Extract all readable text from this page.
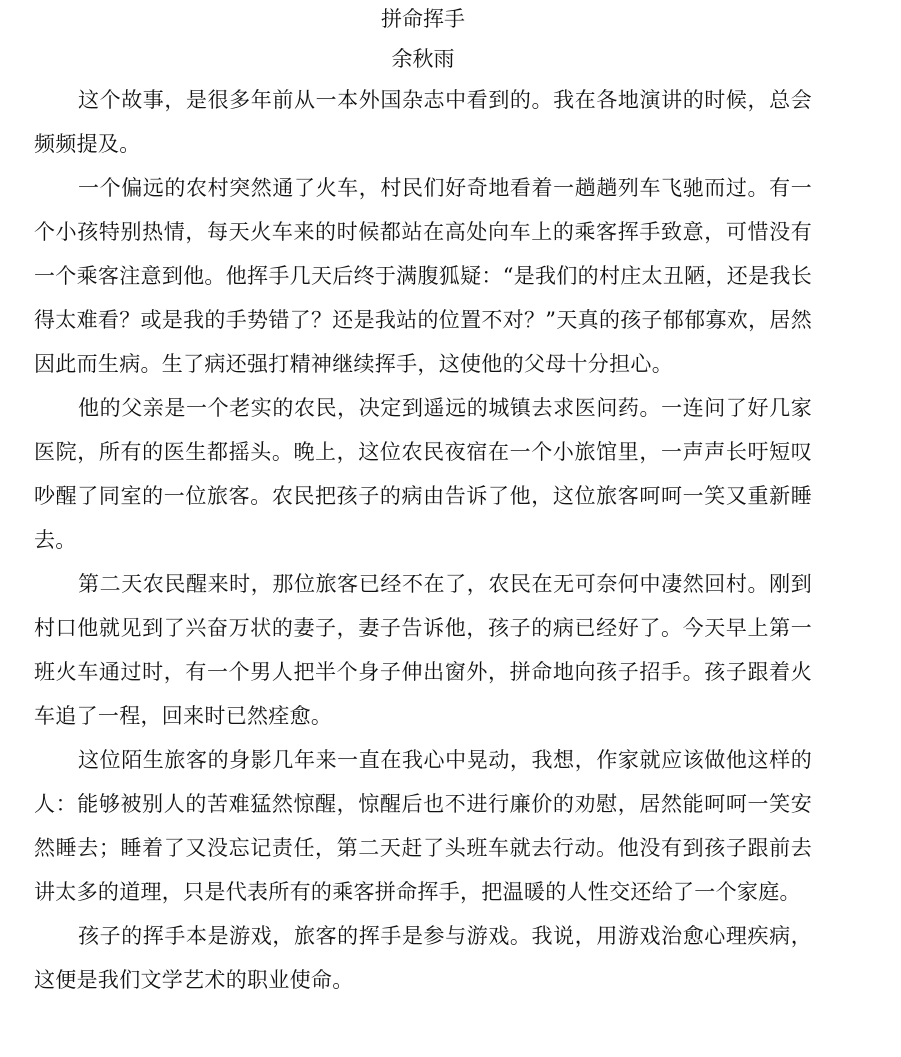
拼命挥手
余秋雨

这个故事，是很多年前从一本外国杂志中看到的。我在各地演讲的时候，总会频频提及。

一个偏远的农村突然通了火车，村民们好奇地看着一趟趟列车飞驰而过。有一个小孩特别热情，每天火车来的时候都站在高处向车上的乘客挥手致意，可惜没有一个乘客注意到他。他挥手几天后终于满腹狐疑：“是我们的村庄太丑陋，还是我长得太难看？或是我的手势错了？还是我站的位置不对？”天真的孩子郁郁寡欢，居然因此而生病。生了病还强打精神继续挥手，这使他的父母十分担心。

他的父亲是一个老实的农民，决定到遥远的城镇去求医问药。一连问了好几家医院，所有的医生都摇头。晚上，这位农民夜宿在一个小旅馆里，一声声长吁短叹吵醒了同室的一位旅客。农民把孩子的病由告诉了他，这位旅客呵呵一笑又重新睡去。

第二天农民醒来时，那位旅客已经不在了，农民在无可奈何中凄然回村。刚到村口他就见到了兴奋万状的妻子，妻子告诉他，孩子的病已经好了。今天早上第一班火车通过时，有一个男人把半个身子伸出窗外，拼命地向孩子招手。孩子跟着火车追了一程，回来时已然痊愈。

这位陌生旅客的身影几年来一直在我心中晃动，我想，作家就应该做他这样的人：能够被别人的苦难猛然惊醒，惊醒后也不进行廉价的劝慰，居然能呵呵一笑安然睡去；睡着了又没忘记责任，第二天赶了头班车就去行动。他没有到孩子跟前去讲太多的道理，只是代表所有的乘客拼命挥手，把温暖的人性交还给了一个家庭。

孩子的挥手本是游戏，旅客的挥手是参与游戏。我说，用游戏治愈心理疾病，这便是我们文学艺术的职业使命。
